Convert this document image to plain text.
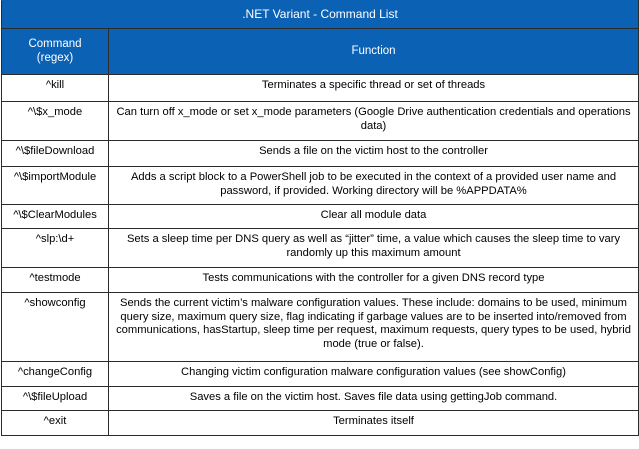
.NET Variant - Command List	
Command
(regex)	Function
^kill	Terminates a specific thread or set of threads
^\$x_mode	Can turn off x_mode or set x_mode parameters (Google Drive authentication credentials and operations data)
^\$fileDownload	Sends a file on the victim host to the controller
^\$importModule	Adds a script block to a PowerShell job to be executed in the context of a provided user name and password, if provided. Working directory will be %APPDATA%
^\$ClearModules	Clear all module data
^slp:\d+	Sets a sleep time per DNS query as well as “jitter” time, a value which causes the sleep time to vary randomly up this maximum amount
^testmode	Tests communications with the controller for a given DNS record type
^showconfig	Sends the current victim’s malware configuration values. These include: domains to be used, minimum query size, maximum query size, flag indicating if garbage values are to be inserted into/removed from communications, hasStartup, sleep time per request, maximum requests, query types to be used, hybrid mode (true or false).
^changeConfig	Changing victim configuration malware configuration values (see showConfig)
^\$fileUpload	Saves a file on the victim host. Saves file data using gettingJob command.
^exit	Terminates itself
